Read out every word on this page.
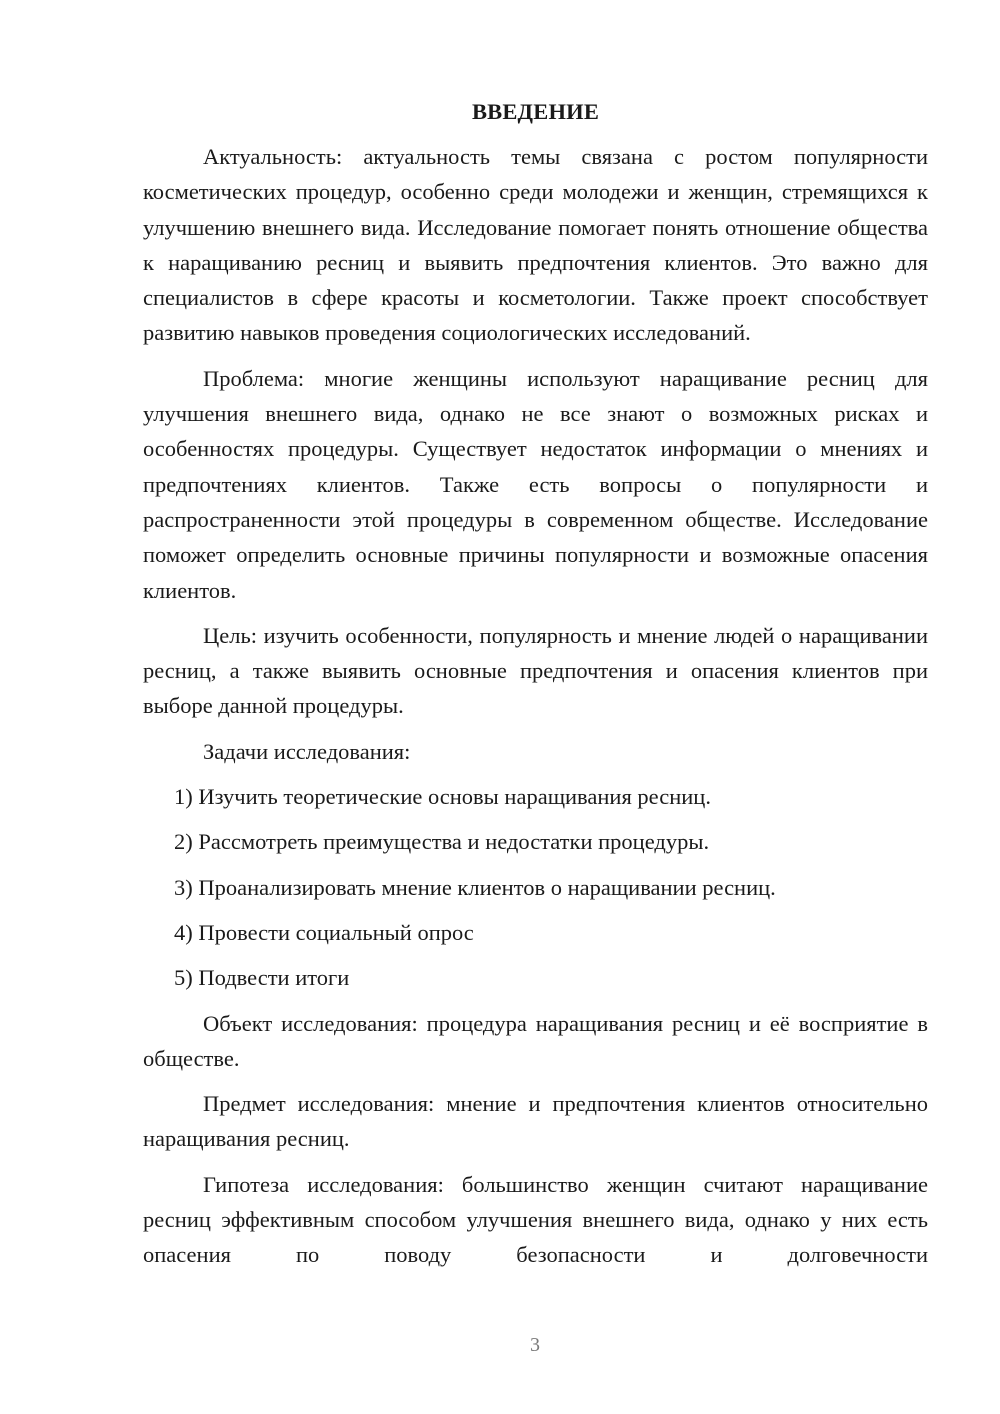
ВВЕДЕНИЕ

Актуальность: актуальность темы связана с ростом популярности косметических процедур, особенно среди молодежи и женщин, стремящихся к улучшению внешнего вида. Исследование помогает понять отношение общества к наращиванию ресниц и выявить предпочтения клиентов. Это важно для специалистов в сфере красоты и косметологии. Также проект способствует развитию навыков проведения социологических исследований.

Проблема: многие женщины используют наращивание ресниц для улучшения внешнего вида, однако не все знают о возможных рисках и особенностях процедуры. Существует недостаток информации о мнениях и предпочтениях клиентов. Также есть вопросы о популярности и распространенности этой процедуры в современном обществе. Исследование поможет определить основные причины популярности и возможные опасения клиентов.

Цель: изучить особенности, популярность и мнение людей о наращивании ресниц, а также выявить основные предпочтения и опасения клиентов при выборе данной процедуры.

Задачи исследования:

1) Изучить теоретические основы наращивания ресниц.
2) Рассмотреть преимущества и недостатки процедуры.
3) Проанализировать мнение клиентов о наращивании ресниц.
4) Провести социальный опрос
5) Подвести итоги

Объект исследования: процедура наращивания ресниц и её восприятие в обществе.

Предмет исследования: мнение и предпочтения клиентов относительно наращивания ресниц.

Гипотеза исследования: большинство женщин считают наращивание ресниц эффективным способом улучшения внешнего вида, однако у них есть опасения по поводу безопасности и долговечности

3
